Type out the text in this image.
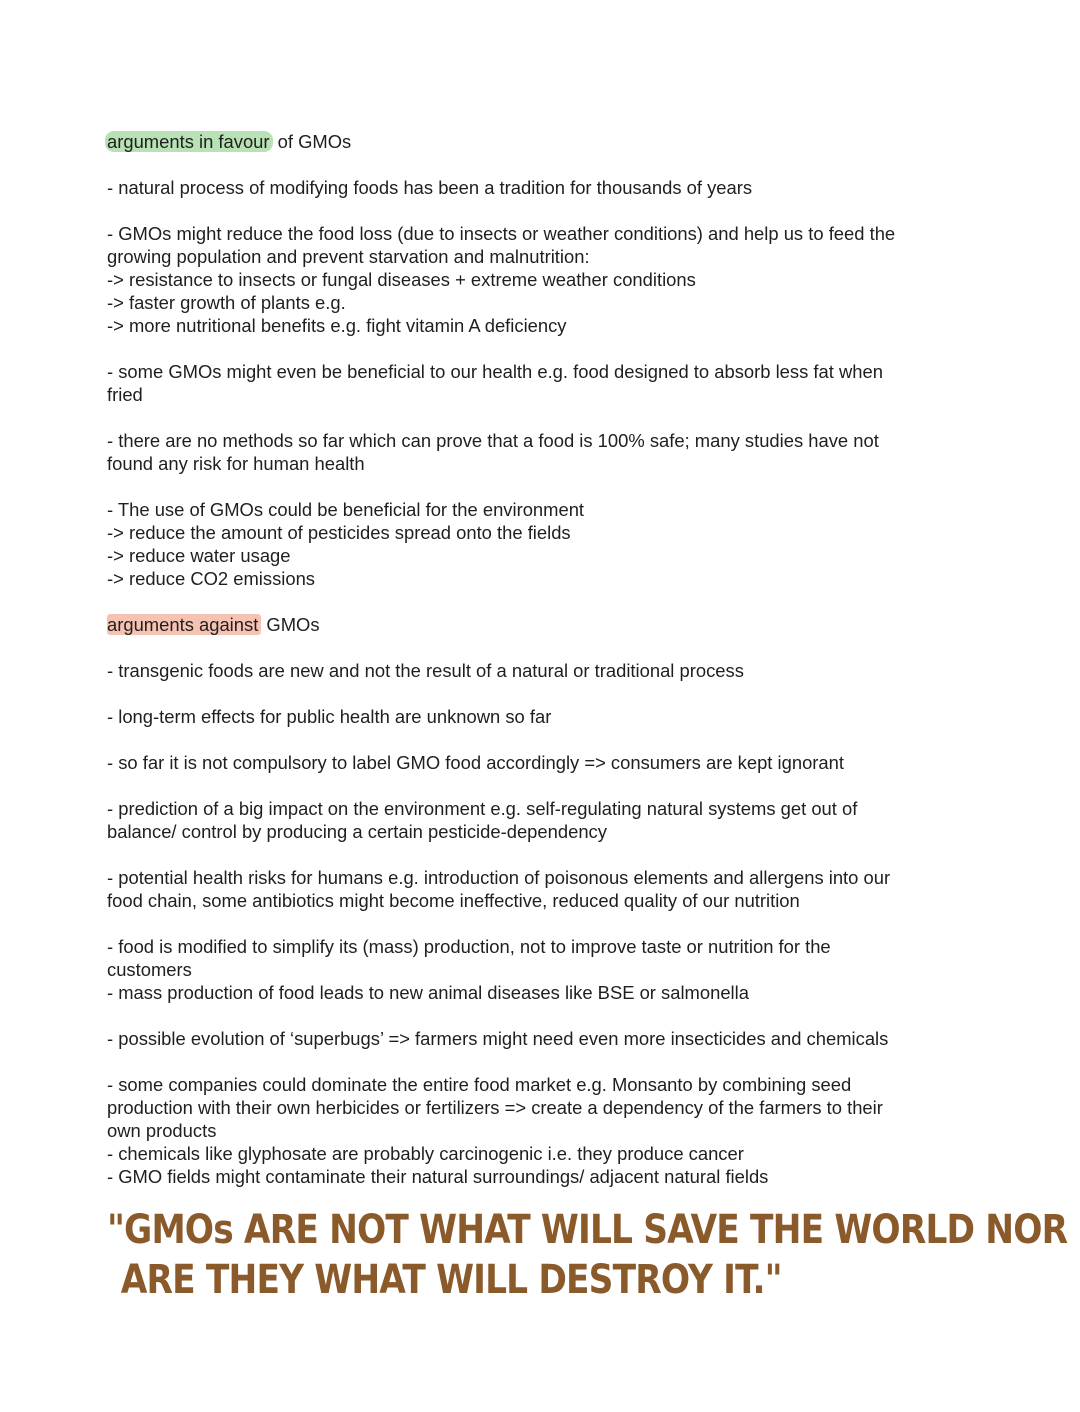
arguments in favour of GMOs
- natural process of modifying foods has been a tradition for thousands of years
- GMOs might reduce the food loss (due to insects or weather conditions) and help us to feed the
growing population and prevent starvation and malnutrition:
-> resistance to insects or fungal diseases + extreme weather conditions
-> faster growth of plants e.g.
-> more nutritional benefits e.g. fight vitamin A deficiency
- some GMOs might even be beneficial to our health e.g. food designed to absorb less fat when
fried
- there are no methods so far which can prove that a food is 100% safe; many studies have not
found any risk for human health
- The use of GMOs could be beneficial for the environment
-> reduce the amount of pesticides spread onto the fields
-> reduce water usage
-> reduce CO2 emissions
arguments against GMOs
- transgenic foods are new and not the result of a natural or traditional process
- long-term effects for public health are unknown so far
- so far it is not compulsory to label GMO food accordingly => consumers are kept ignorant
- prediction of a big impact on the environment e.g. self-regulating natural systems get out of
balance/ control by producing a certain pesticide-dependency
- potential health risks for humans e.g. introduction of poisonous elements and allergens into our
food chain, some antibiotics might become ineffective, reduced quality of our nutrition
- food is modified to simplify its (mass) production, not to improve taste or nutrition for the
customers
- mass production of food leads to new animal diseases like BSE or salmonella
- possible evolution of ‘superbugs’ => farmers might need even more insecticides and chemicals
- some companies could dominate the entire food market e.g. Monsanto by combining seed
production with their own herbicides or fertilizers => create a dependency of the farmers to their
own products
- chemicals like glyphosate are probably carcinogenic i.e. they produce cancer
- GMO fields might contaminate their natural surroundings/ adjacent natural fields
"GMOs ARE NOT WHAT WILL SAVE THE WORLD NOR
ARE THEY WHAT WILL DESTROY IT."
